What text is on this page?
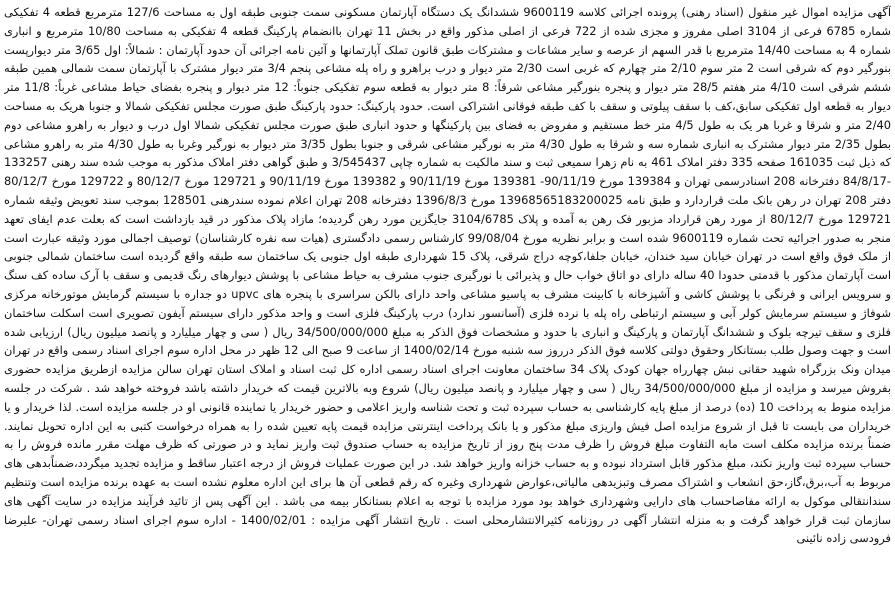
آگهی مزایده اموال غیر منقول (اسناد رهنی) پرونده اجرائی کلاسه 9600119 ششدانگ یک دستگاه آپارتمان مسکونی سمت جنوبی طبقه اول به مساحت 127/6 مترمربع قطعه 4 تفکیکی شماره 6785 فرعی از 3104 اصلی مفروز و مجزی شده از 722 فرعی از اصلی مذکور واقع در بخش 11 تهران باانضمام پارکینگ قطعه 4 تفکیکی به مساحت 10/80 مترمربع و انباری شماره 4 به مساحت 14/40 مترمربع با قدر السهم از عرصه و سایر مشاعات و مشترکات طبق قانون تملک آپارتمانها و آئین نامه اجرائی آن حدود آپارتمان : شمالاً: اول 3/65 متر دیوارپست بنورگیر دوم که شرقی است 2 متر سوم 2/10 متر چهارم که غربی است 2/30 متر دیوار و درب براهرو و راه پله مشاعی پنجم 3/4 متر دیوار مشترک با آپارتمان سمت شمالی همین طبقه ششم شرقی است 4/10 متر هفتم 28/5 متر دیوار و پنجره بنورگیر مشاعی شرقاً: 8 متر دیوار به قطعه سوم تفکیکی جنوباً: 12 متر دیوار و پنجره بفضای حیاط مشاعی غرباً: 11/8 متر دیوار به قطعه اول تفکیکی سابق،کف با سقف پیلوتی و سقف با کف طبقه فوقانی اشتراکی است. حدود پارکینگ: حدود پارکینگ طبق صورت مجلس تفکیکی شمالا و جنوبا هریک به مساحت 2/40 متر و شرقا و غربا هر یک به طول 4/5 متر خط مستقیم و مفروض به فضای بین پارکینگها و حدود انباری طبق صورت مجلس تفکیکی شمالا اول درب و دیوار به راهرو مشاعی دوم بطول 2/35 متر دیوار مشترک به انباری شماره سه و شرقا به طول 4/30 متر به نورگیر مشاعی شرقی و جنوبا بطول 3/35 متر دیوار به نورگیر وغربا به طول 4/30 متر به راهرو مشاعی که ذیل ثبت 161035 صفحه 335 دفتر املاک 461 به نام زهرا سمیعی ثبت و سند مالکیت به شماره چاپی 3/545437 و طبق گواهی دفتر املاک مذکور به موجب شده سند رهنی 133257 -84/8/17 دفترخانه 208 اسنادرسمی تهران و 139384 مورخ 90/11/19- 139381 مورخ 90/11/19 و 139382 مورخ 90/11/19 و 129721 مورخ 80/12/7 و 129722 مورخ 80/12/7 دفتر 208 تهران در رهن بانک ملت قراردارد و طبق نامه 13968565183200025 مورخ 1396/8/3 دفترخانه 208 تهران اعلام نموده سندرهنی 128501 بموجب سند تعویض وثیقه شماره 129721 مورخ 80/12/7 از مورد رهن قرارداد مزبور فک رهن به آمده و پلاک 3104/6785 جایگزین مورد رهن گردیده؛ مازاد پلاک مذکور در قید بازداشت است که بعلت عدم ایفای تعهد منجر به صدور اجرائیه تحت شماره 9600119 شده است و برابر نظریه مورخ 99/08/04 کارشناس رسمی دادگستری (هیات سه نفره کارشناسان) توصیف اجمالی مورد وثیقه عبارت است از ملک فوق واقع است در تهران خیابان سید خندان، خیابان جلفا،کوچه دراج شرقی، پلاک 15 شهرداری طبقه اول جنوبی یک ساختمان سه طبقه واقع گردیده است ساختمان شمالی جنوبی است آپارتمان مذکور با قدمتی حدودا 40 ساله دارای دو اتاق خواب حال و پذیرائی با نورگیری جنوب مشرف به حیاط مشاعی با پوشش دیوارهای رنگ قدیمی و سقف با آرک ساده کف سنگ و سرویس ایرانی و فرنگی با پوشش کاشی و آشپزخانه با کابینت مشرف به پاسیو مشاعی واحد دارای بالکن سراسری با پنجره های upvc دو جداره با سیستم گرمایش موتورخانه مرکزی شوفاژ و سیستم سرمایش کولر آبی و سیستم ارتباطی راه پله با نرده فلزی (آسانسور ندارد) درب پارکینگ فلزی است و واحد مذکور دارای سیستم آیفون تصویری است اسکلت ساختمان فلزی و سقف تیرچه بلوک و ششدانگ آپارتمان و پارکینگ و انباری با حدود و مشخصات فوق الذکر به مبلغ 34/500/000/000 ریال ( سی و چهار میلیارد و پانصد میلیون ریال) ارزیابی شده است و جهت وصول طلب بستانکار وحقوق دولتی کلاسه فوق الذکر درروز سه شنبه مورخ 1400/02/14 از ساعت 9 صبح الی 12 ظهر در محل اداره سوم اجرای اسناد رسمی واقع در تهران میدان ونک بزرگراه شهید حقانی نبش چهارراه جهان کودک پلاک 34 ساختمان معاونت اجرای اسناد رسمی اداره کل ثبت اسناد و املاک استان تهران سالن مزایده ازطریق مزایده حضوری بفروش میرسد و مزایده از مبلغ 34/500/000/000 ریال ( سی و چهار میلیارد و پانصد میلیون ریال) شروع وبه بالاترین قیمت که خریدار داشته باشد فروخته خواهد شد . شرکت در جلسه مزایده منوط به پرداخت 10 (ده) درصد از مبلغ پایه کارشناسی به حساب سپرده ثبت و تحت شناسه واریز اعلامی و حضور خریدار یا نماینده قانونی او در جلسه مزایده است. لذا خریدار و یا خریداران می بایست تا قبل از شروع مزایده اصل فیش واریزی مبلغ مذکور و یا بانک پرداخت اینترنتی مزایده قیمت پایه تعیین شده را به همراه درخواست کتبی به این اداره تحویل نمایند. ضمناً برنده مزایده مکلف است مابه التفاوت مبلغ فروش را ظرف مدت پنج روز از تاریخ مزایده به حساب صندوق ثبت واریز نماید و در صورتی که ظرف مهلت مقرر مانده فروش را به حساب سپرده ثبت واریز نکند، مبلغ مذکور قابل استرداد نبوده و به حساب خزانه واریز خواهد شد. در این صورت عملیات فروش از درجه اعتبار ساقط و مزایده تجدید میگردد،ضمناًبدهی های مربوط به آب،برق،گاز،حق انشعاب و اشتراک مصرف وتبزیدهی مالیاتی،عوارض شهرداری وغیره که رقم قطعی آن ها برای این اداره معلوم نشده است به عهده برنده مزایده است وتنظیم سندانتقالی موکول به ارائه مفاصاحساب های دارایی وشهرداری خواهد بود مورد مزایده با توجه به اعلام بستانکار بیمه می باشد . این آگهی پس از تائید فرآیند مزایده در سایت آگهی های سازمان ثبت قرار خواهد گرفت و به منزله انتشار آگهی در روزنامه کثیرالانتشارمحلی است . تاریخ انتشار آگهی مزایده : 1400/02/01 - اداره سوم اجرای اسناد رسمی تهران- علیرضا فرودسی زاده نائینی
